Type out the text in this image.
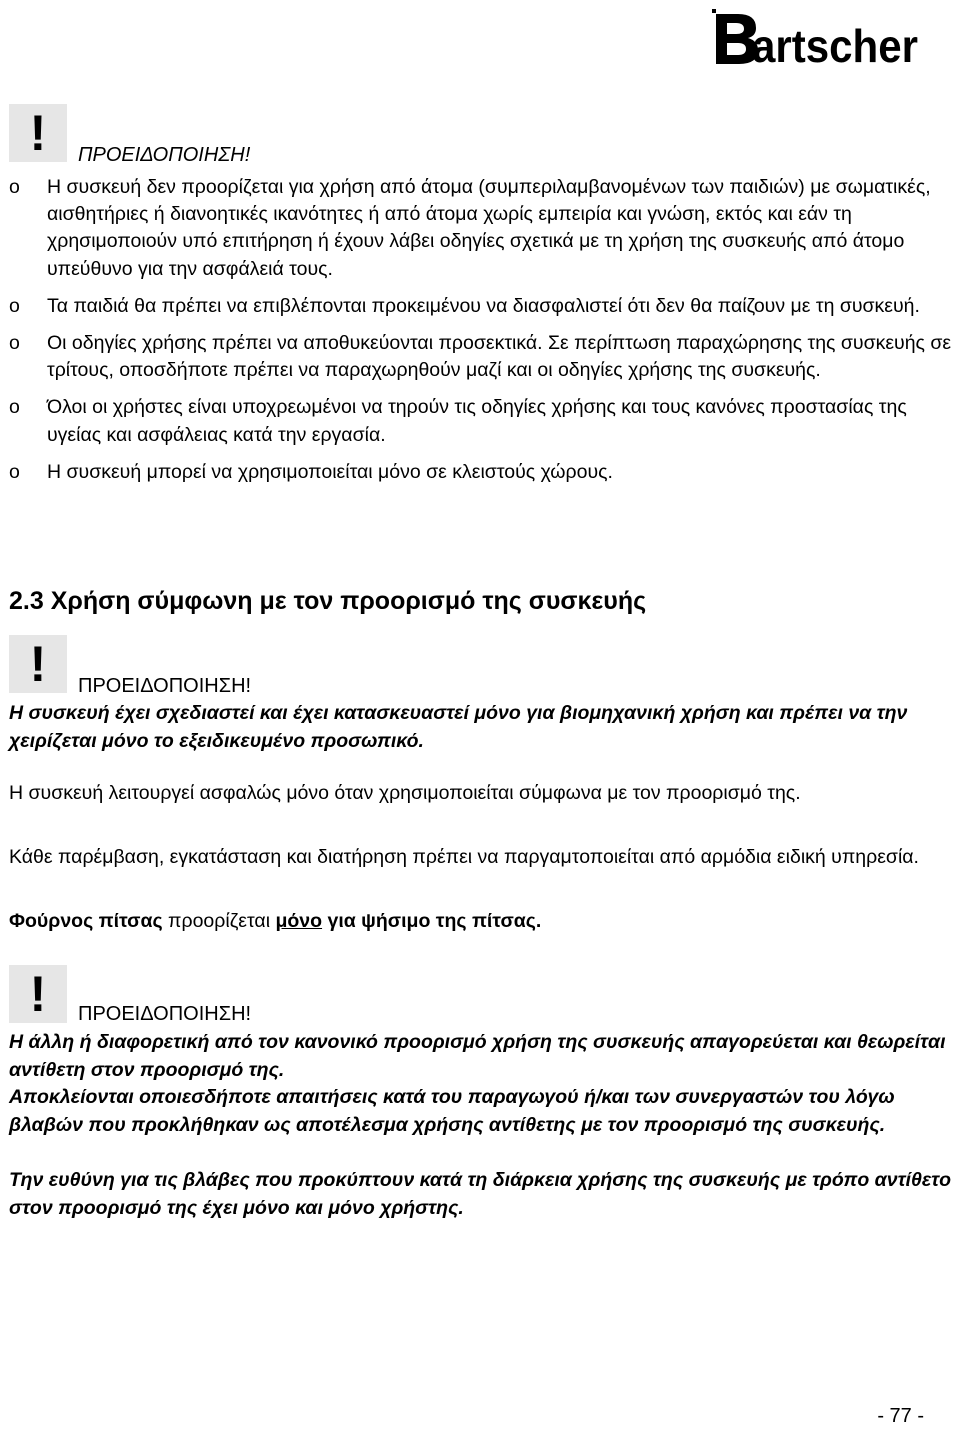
artscher
!	ΠΡΟΕΙΔΟΠΟΙΗΣΗ!
o Η συσκευή δεν προορίζεται για χρήση από άτομα (συμπεριλαμβανομένων των παιδιών) με σωματικές, αισθητήριες ή διανοητικές ικανότητες ή από άτομα χωρίς εμπειρία και γνώση, εκτός και εάν τη χρησιμοποιούν υπό επιτήρηση ή έχουν λάβει οδηγίες σχετικά με τη χρήση της συσκευής από άτομο υπεύθυνο για την ασφάλειά τους.
o Τα παιδιά θα πρέπει να επιβλέπονται προκειμένου να διασφαλιστεί ότι δεν θα παίζουν με τη συσκευή.
o Οι οδηγίες χρήσης πρέπει να αποθυκεύονται προσεκτικά. Σε περίπτωση παραχώρησης της συσκευής σε τρίτους, οποσδήποτε πρέπει να παραχωρηθούν μαζί και οι οδηγίες χρήσης της συσκευής.
o Όλοι οι χρήστες είναι υποχρεωμένοι να τηρούν τις οδηγίες χρήσης και τους κανόνες προστασίας της υγείας και ασφάλειας κατά την εργασία.
o Η συσκευή μπορεί να χρησιμοποιείται μόνο σε κλειστούς χώρους.
2.3 Χρήση σύμφωνη με τον προορισμό της συσκευής
!	ΠΡΟΕΙΔΟΠΟΙΗΣΗ!

Η συσκευή έχει σχεδιαστεί και έχει κατασκευαστεί μόνο για βιομηχανική χρήση και πρέπει να την χειρίζεται μόνο το εξειδικευμένο προσωπικό.

Η συσκευή λειτουργεί ασφαλώς μόνο όταν χρησιμοποιείται σύμφωνα με τον προορισμό της.

Κάθε παρέμβαση, εγκατάσταση και διατήρηση πρέπει να παργαμτοποιείται από αρμόδια ειδική υπηρεσία.

Φούρνος πίτσας προορίζεται μόνο για ψήσιμο της πίτσας.

!	ΠΡΟΕΙΔΟΠΟΙΗΣΗ!

Η άλλη ή διαφορετική από τον κανονικό προορισμό χρήση της συσκευής απαγορεύεται και θεωρείται αντίθετη στον προορισμό της.

Αποκλείονται οποιεσδήποτε απαιτήσεις κατά του παραγωγού ή/και των συνεργαστών του λόγω βλαβών που προκλήθηκαν ως αποτέλεσμα χρήσης αντίθετης με τον προορισμό της συσκευής.

Την ευθύνη για τις βλάβες που προκύπτουν κατά τη διάρκεια χρήσης της συσκευής με τρόπο αντίθετο στον προορισμό της έχει μόνο και μόνο χρήστης.

- 77 -
